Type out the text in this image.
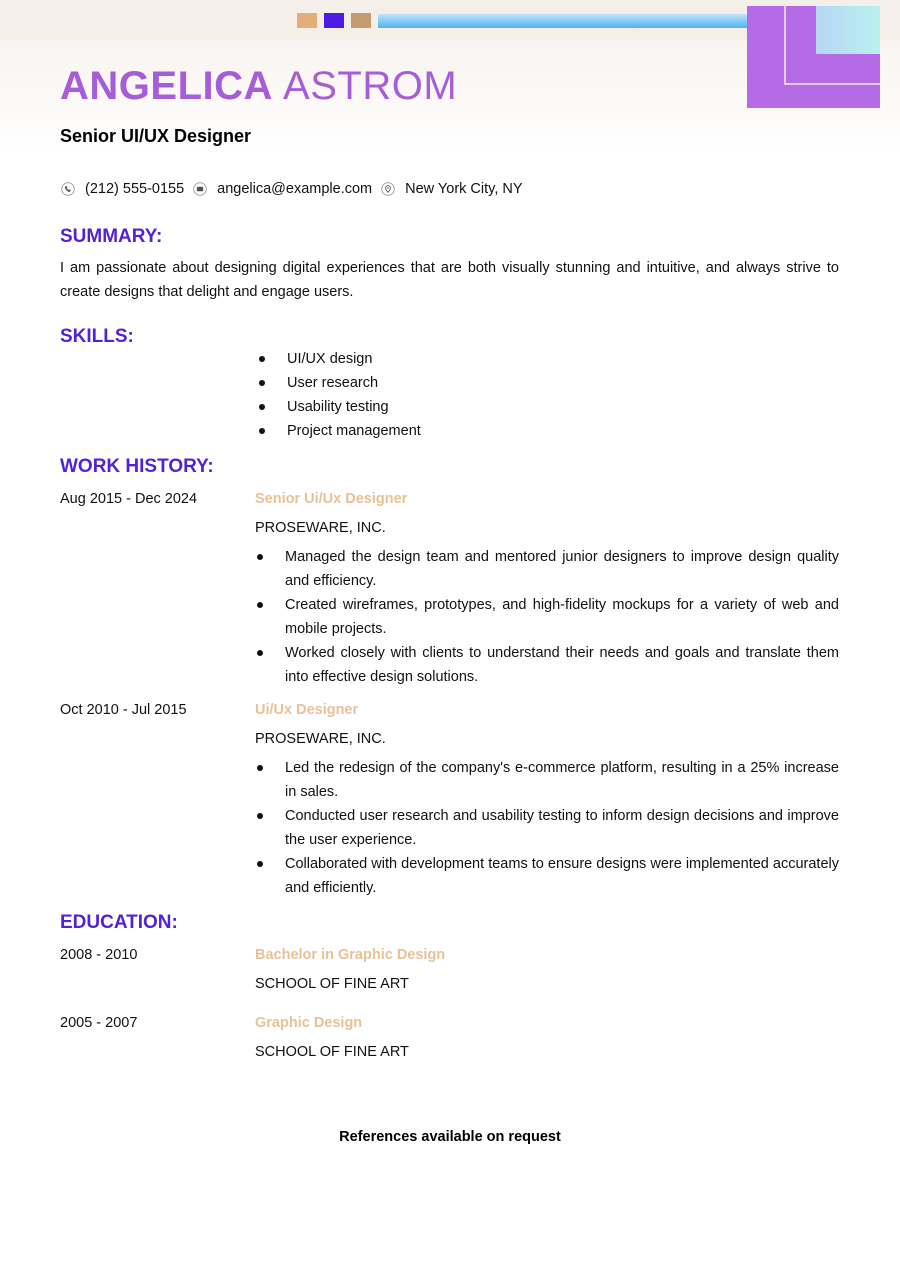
ANGELICA ASTROM

Senior UI/UX Designer

(212) 555-0155 angelica@example.com New York City, NY
SUMMARY:

I am passionate about designing digital experiences that are both visually stunning and intuitive, and always strive to create designs that delight and engage users.

SKILLS:
UI/UX design
User research
Usability testing
Project management
WORK HISTORY:

Aug 2015 - Dec 2024	Senior Ui/Ux Designer

PROSEWARE, INC.

Managed the design team and mentored junior designers to improve design quality and efficiency.
Created wireframes, prototypes, and high-fidelity mockups for a variety of web and mobile projects.
Worked closely with clients to understand their needs and goals and translate them into effective design solutions.

Oct 2010 - Jul 2015	Ui/Ux Designer

PROSEWARE, INC.

Led the redesign of the company's e-commerce platform, resulting in a 25% increase in sales.
Conducted user research and usability testing to inform design decisions and improve the user experience.
Collaborated with development teams to ensure designs were implemented accurately and efficiently.
EDUCATION:

2008 - 2010	Bachelor in Graphic Design

SCHOOL OF FINE ART

2005 - 2007	Graphic Design

SCHOOL OF FINE ART

References available on request
